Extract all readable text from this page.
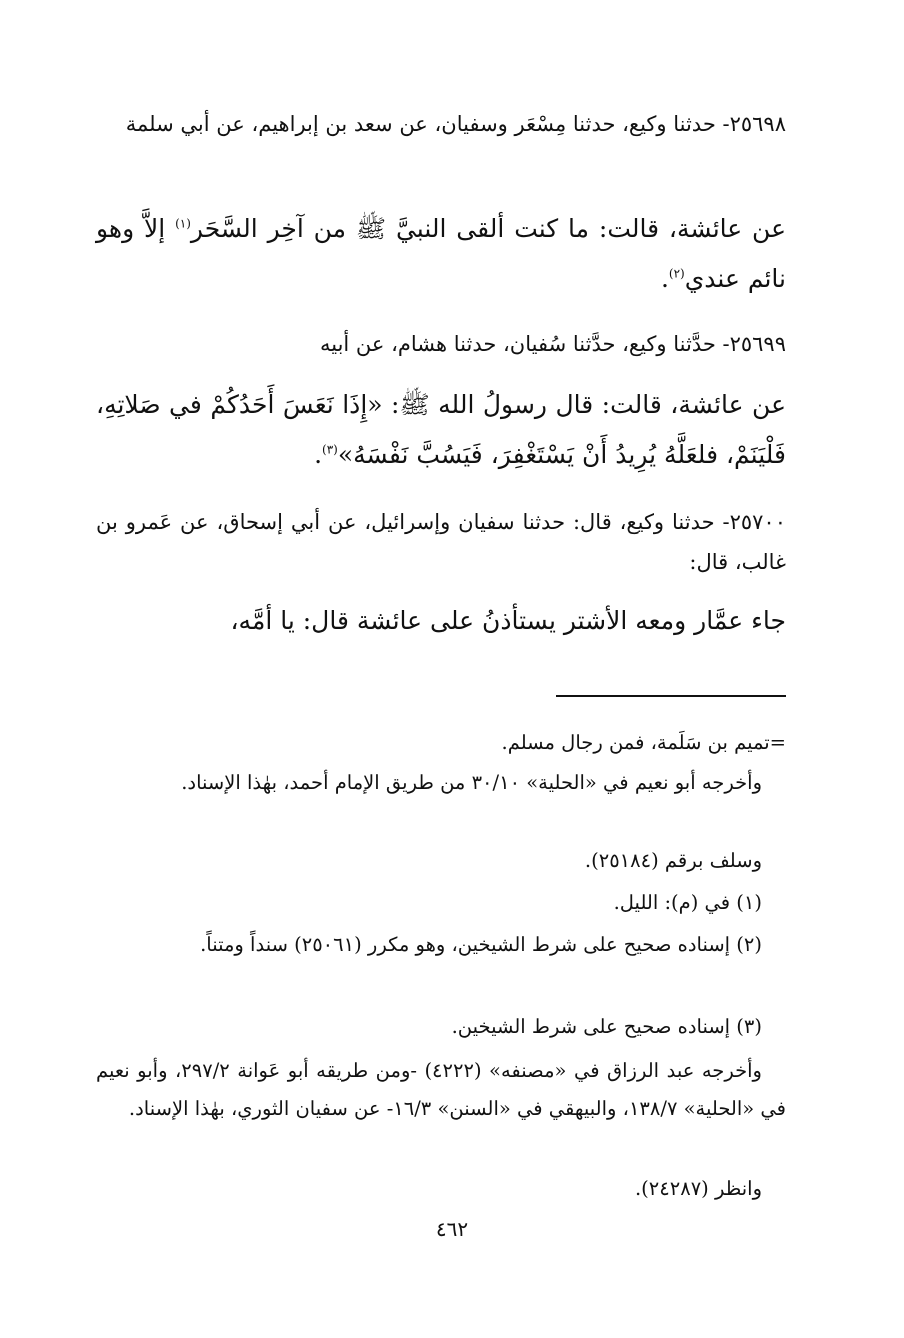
٢٥٦٩٨- حدثنا وكيع، حدثنا مِسْعَر وسفيان، عن سعد بن إبراهيم، عن أبي سلمة

عن عائشة، قالت: ما كنت ألقى النبيَّ ﷺ من آخِر السَّحَر$^{(١)}$ إلاَّ وهو نائم عندي$^{(٢)}$.

٢٥٦٩٩- حدَّثنا وكيع، حدَّثنا سُفيان، حدثنا هشام، عن أبيه

عن عائشة، قالت: قال رسولُ الله ﷺ: «إِذَا نَعَسَ أَحَدُكُمْ في صَلاتِهِ، فَلْيَنَمْ، فلعَلَّهُ يُرِيدُ أَنْ يَسْتَغْفِرَ، فَيَسُبَّ نَفْسَهُ»$^{(٣)}$.

٢٥٧٠٠- حدثنا وكيع، قال: حدثنا سفيان وإسرائيل، عن أبي إسحاق، عن عَمرو بن غالب، قال:

جاء عمَّار ومعه الأشتر يستأذنُ على عائشة قال: يا أمَّه،

=تميم بن سَلَمة، فمن رجال مسلم.

وأخرجه أبو نعيم في «الحلية» ٣٠/١٠ من طريق الإمام أحمد، بهٰذا الإسناد.

وسلف برقم (٢٥١٨٤).

(١) في (م): الليل.

(٢) إسناده صحيح على شرط الشيخين، وهو مكرر (٢٥٠٦١) سنداً ومتناً.

(٣) إسناده صحيح على شرط الشيخين.

وأخرجه عبد الرزاق في «مصنفه» (٤٢٢٢) -ومن طريقه أبو عَوانة ٢٩٧/٢، وأبو نعيم في «الحلية» ١٣٨/٧، والبيهقي في «السنن» ١٦/٣- عن سفيان الثوري، بهٰذا الإسناد.

وانظر (٢٤٢٨٧).

٤٦٢
